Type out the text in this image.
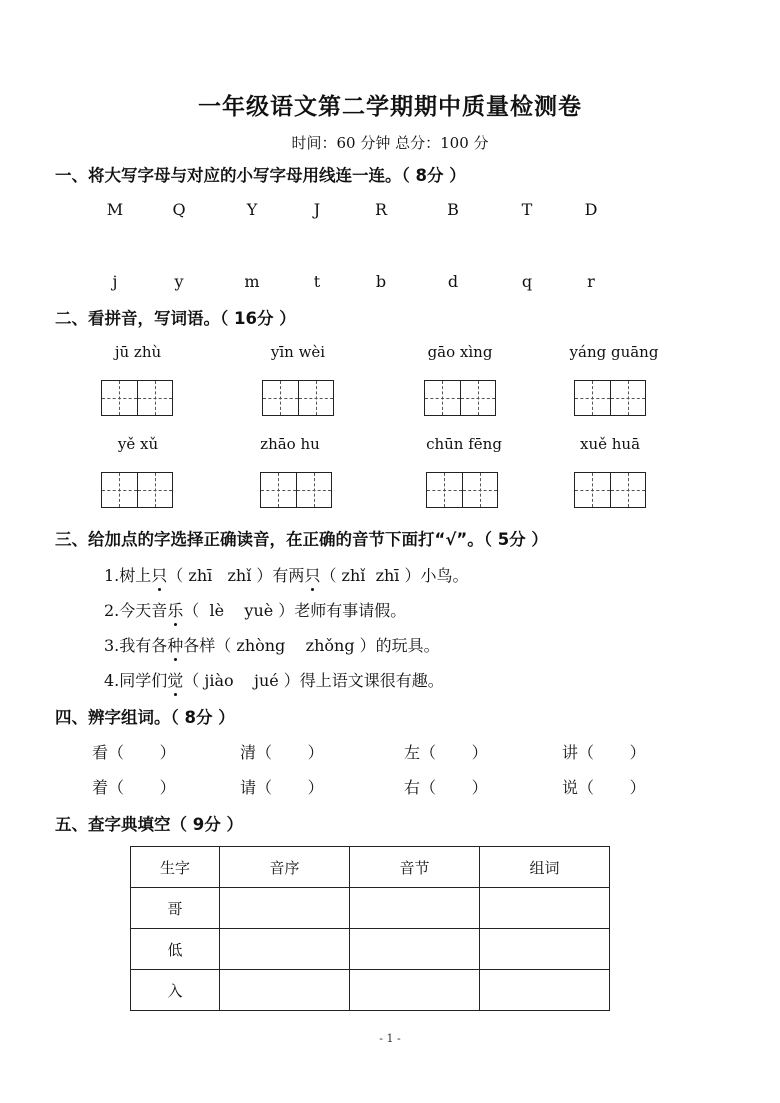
一年级语文第二学期期中质量检测卷
时间：60 分钟 总分：100 分
一、将大写字母与对应的小写字母用线连一连。（ 8分 ）
M	Q	Y	J	R	B	T	D
j	y	m	t	b	d	q	r
二、看拼音，写词语。（ 16分 ）
jū zhù	yīn wèi	gāo xìng	yáng guāng
yě xǔ	zhāo hu	chūn fēng	xuě huā
三、给加点的字选择正确读音，在正确的音节下面打“√”。（ 5分 ）
1.树上只（ zhī   zhǐ ）有两只（ zhǐ  zhī ）小鸟。
2.今天音乐（  lè    yuè ）老师有事请假。
3.我有各种各样（ zhòng    zhǒng ）的玩具。
4.同学们觉（ jiào    jué ）得上语文课很有趣。
四、辨字组词。（ 8分 ）
看（       ）	清（       ）	左（       ）	讲（       ）
着（       ）	请（       ）	右（       ）	说（       ）
五、查字典填空（ 9分 ）
生字	音序	音节	组词
哥			
低			
入			
- 1 -
